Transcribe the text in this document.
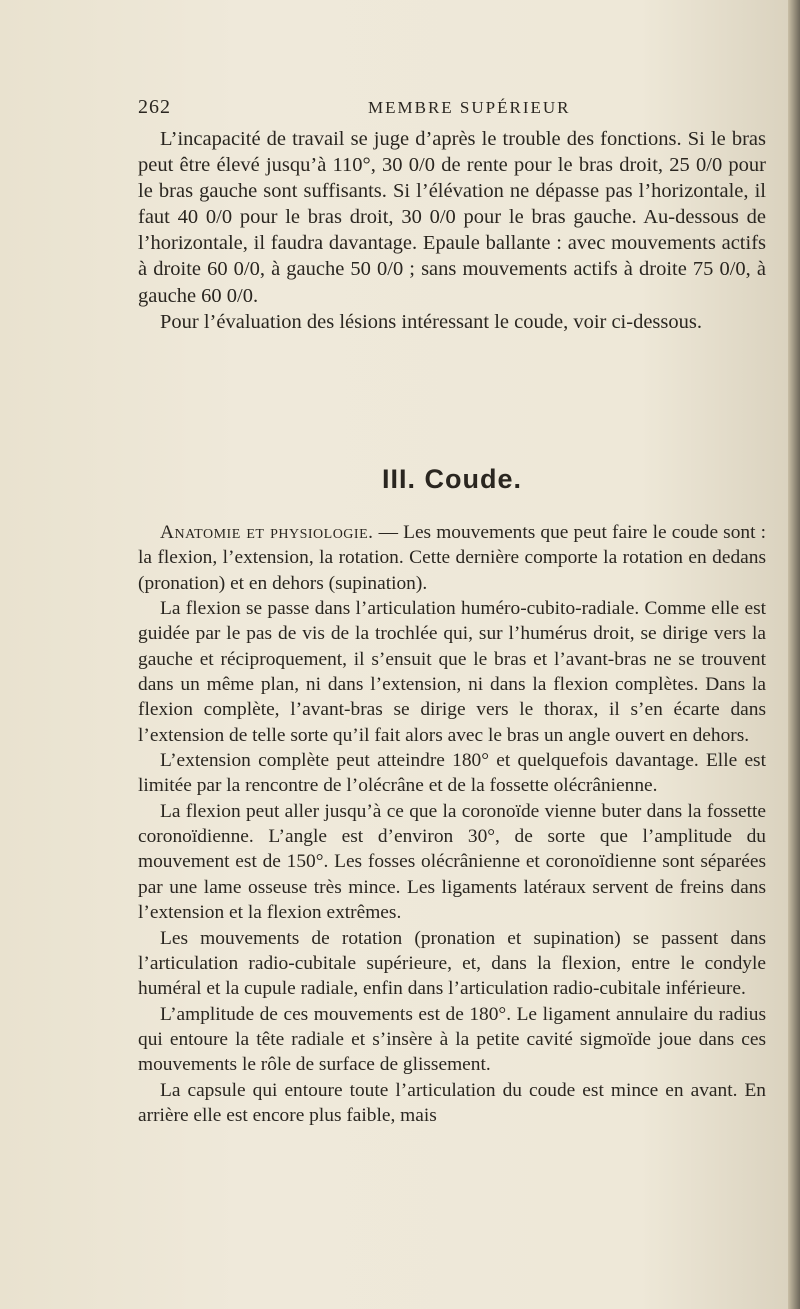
262	MEMBRE SUPÉRIEUR

L’incapacité de travail se juge d’après le trouble des fonctions. Si le bras peut être élevé jusqu’à 110°, 30 0/0 de rente pour le bras droit, 25 0/0 pour le bras gauche sont suffisants. Si l’élévation ne dépasse pas l’horizontale, il faut 40 0/0 pour le bras droit, 30 0/0 pour le bras gauche. Au-dessous de l’horizontale, il faudra davantage. Epaule ballante : avec mouvements actifs à droite 60 0/0, à gauche 50 0/0 ; sans mouvements actifs à droite 75 0/0, à gauche 60 0/0.

Pour l’évaluation des lésions intéressant le coude, voir ci-dessous.

III. Coude.

Anatomie et physiologie. — Les mouvements que peut faire le coude sont : la flexion, l’extension, la rotation. Cette dernière comporte la rotation en dedans (pronation) et en dehors (supination).

La flexion se passe dans l’articulation huméro-cubito-radiale. Comme elle est guidée par le pas de vis de la trochlée qui, sur l’humérus droit, se dirige vers la gauche et réciproquement, il s’ensuit que le bras et l’avant-bras ne se trouvent dans un même plan, ni dans l’extension, ni dans la flexion complètes. Dans la flexion complète, l’avant-bras se dirige vers le thorax, il s’en écarte dans l’extension de telle sorte qu’il fait alors avec le bras un angle ouvert en dehors.

L’extension complète peut atteindre 180° et quelquefois davantage. Elle est limitée par la rencontre de l’olécrâne et de la fossette olécrânienne.

La flexion peut aller jusqu’à ce que la coronoïde vienne buter dans la fossette coronoïdienne. L’angle est d’environ 30°, de sorte que l’amplitude du mouvement est de 150°. Les fosses olécrânienne et coronoïdienne sont séparées par une lame osseuse très mince. Les ligaments latéraux servent de freins dans l’extension et la flexion extrêmes.

Les mouvements de rotation (pronation et supination) se passent dans l’articulation radio-cubitale supérieure, et, dans la flexion, entre le condyle huméral et la cupule radiale, enfin dans l’articulation radio-cubitale inférieure.

L’amplitude de ces mouvements est de 180°. Le ligament annulaire du radius qui entoure la tête radiale et s’insère à la petite cavité sigmoïde joue dans ces mouvements le rôle de surface de glissement.

La capsule qui entoure toute l’articulation du coude est mince en avant. En arrière elle est encore plus faible, mais
